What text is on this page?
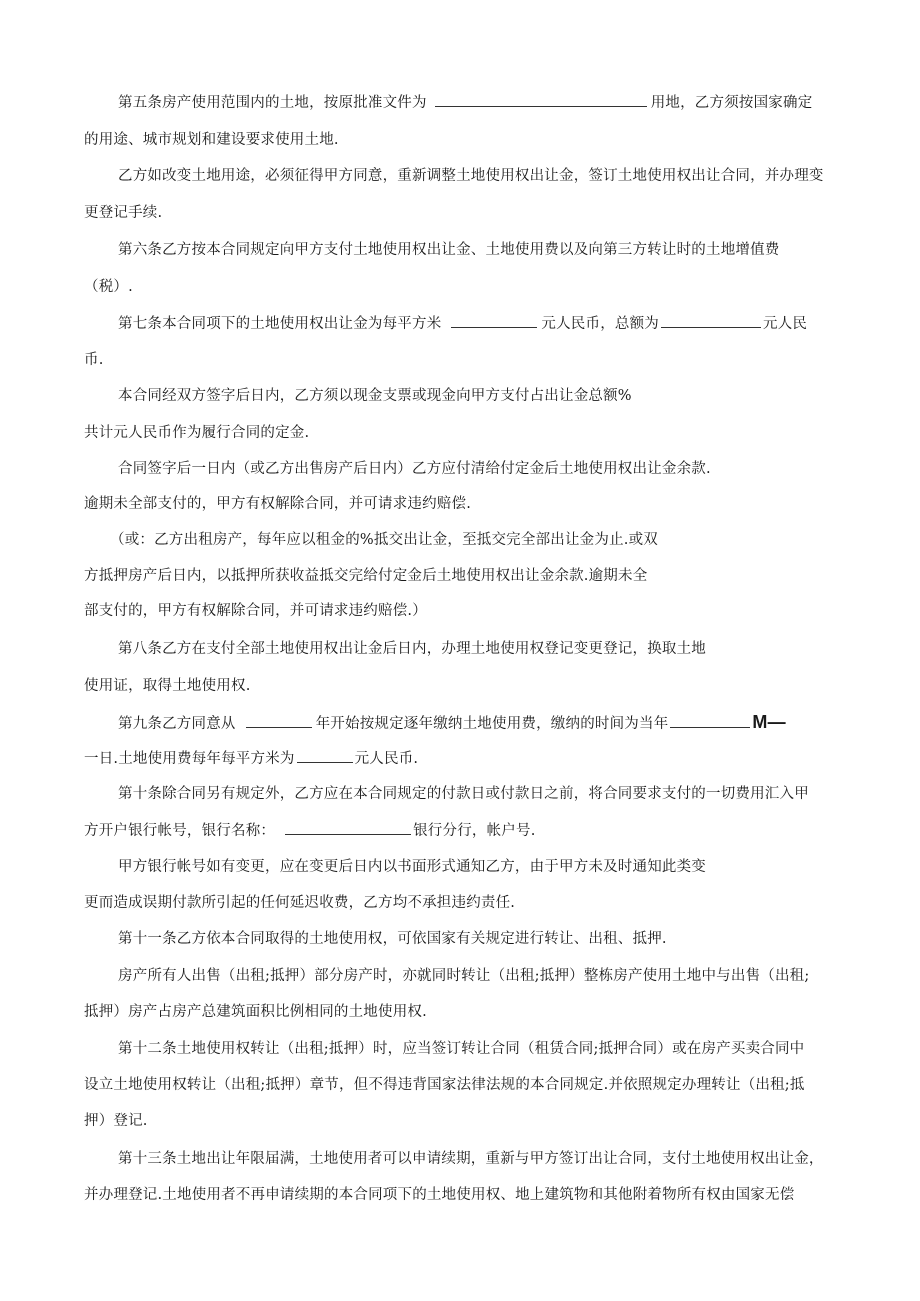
第五条房产使用范围内的土地，按原批准文件为	用地，乙方须按国家确定
的用途、城市规划和建设要求使用土地.
乙方如改变土地用途，必须征得甲方同意，重新调整土地使用权出让金，签订土地使用权出让合同，并办理变
更登记手续.
第六条乙方按本合同规定向甲方支付土地使用权出让金、土地使用费以及向第三方转让时的土地增值费
（税）.
第七条本合同项下的土地使用权出让金为每平方米	元人民币，总额为	元人民
币.
本合同经双方签字后日内，乙方须以现金支票或现金向甲方支付占出让金总额%
共计元人民币作为履行合同的定金.
合同签字后一日内（或乙方出售房产后日内）乙方应付清给付定金后土地使用权出让金余款.
逾期未全部支付的，甲方有权解除合同，并可请求违约赔偿.
（或：乙方出租房产，每年应以租金的%抵交出让金，至抵交完全部出让金为止.或双
方抵押房产后日内，以抵押所获收益抵交完给付定金后土地使用权出让金余款.逾期未全
部支付的，甲方有权解除合同，并可请求违约赔偿.）
第八条乙方在支付全部土地使用权出让金后日内，办理土地使用权登记变更登记，换取土地
使用证，取得土地使用权.
第九条乙方同意从	年开始按规定逐年缴纳土地使用费，缴纳的时间为当年	M—
一日.土地使用费每年每平方米为	元人民币.
第十条除合同另有规定外，乙方应在本合同规定的付款日或付款日之前，将合同要求支付的一切费用汇入甲
方开户银行帐号，银行名称：	银行分行，帐户号.
甲方银行帐号如有变更，应在变更后日内以书面形式通知乙方，由于甲方未及时通知此类变
更而造成误期付款所引起的任何延迟收费，乙方均不承担违约责任.
第十一条乙方依本合同取得的土地使用权，可依国家有关规定进行转让、出租、抵押.
房产所有人出售（出租;抵押）部分房产时，亦就同时转让（出租;抵押）整栋房产使用土地中与出售（出租;
抵押）房产占房产总建筑面积比例相同的土地使用权.
第十二条土地使用权转让（出租;抵押）时，应当签订转让合同（租赁合同;抵押合同）或在房产买卖合同中
设立土地使用权转让（出租;抵押）章节，但不得违背国家法律法规的本合同规定.并依照规定办理转让（出租;抵
押）登记.
第十三条土地出让年限届满，土地使用者可以申请续期，重新与甲方签订出让合同，支付土地使用权出让金，
并办理登记.土地使用者不再申请续期的本合同项下的土地使用权、地上建筑物和其他附着物所有权由国家无偿
